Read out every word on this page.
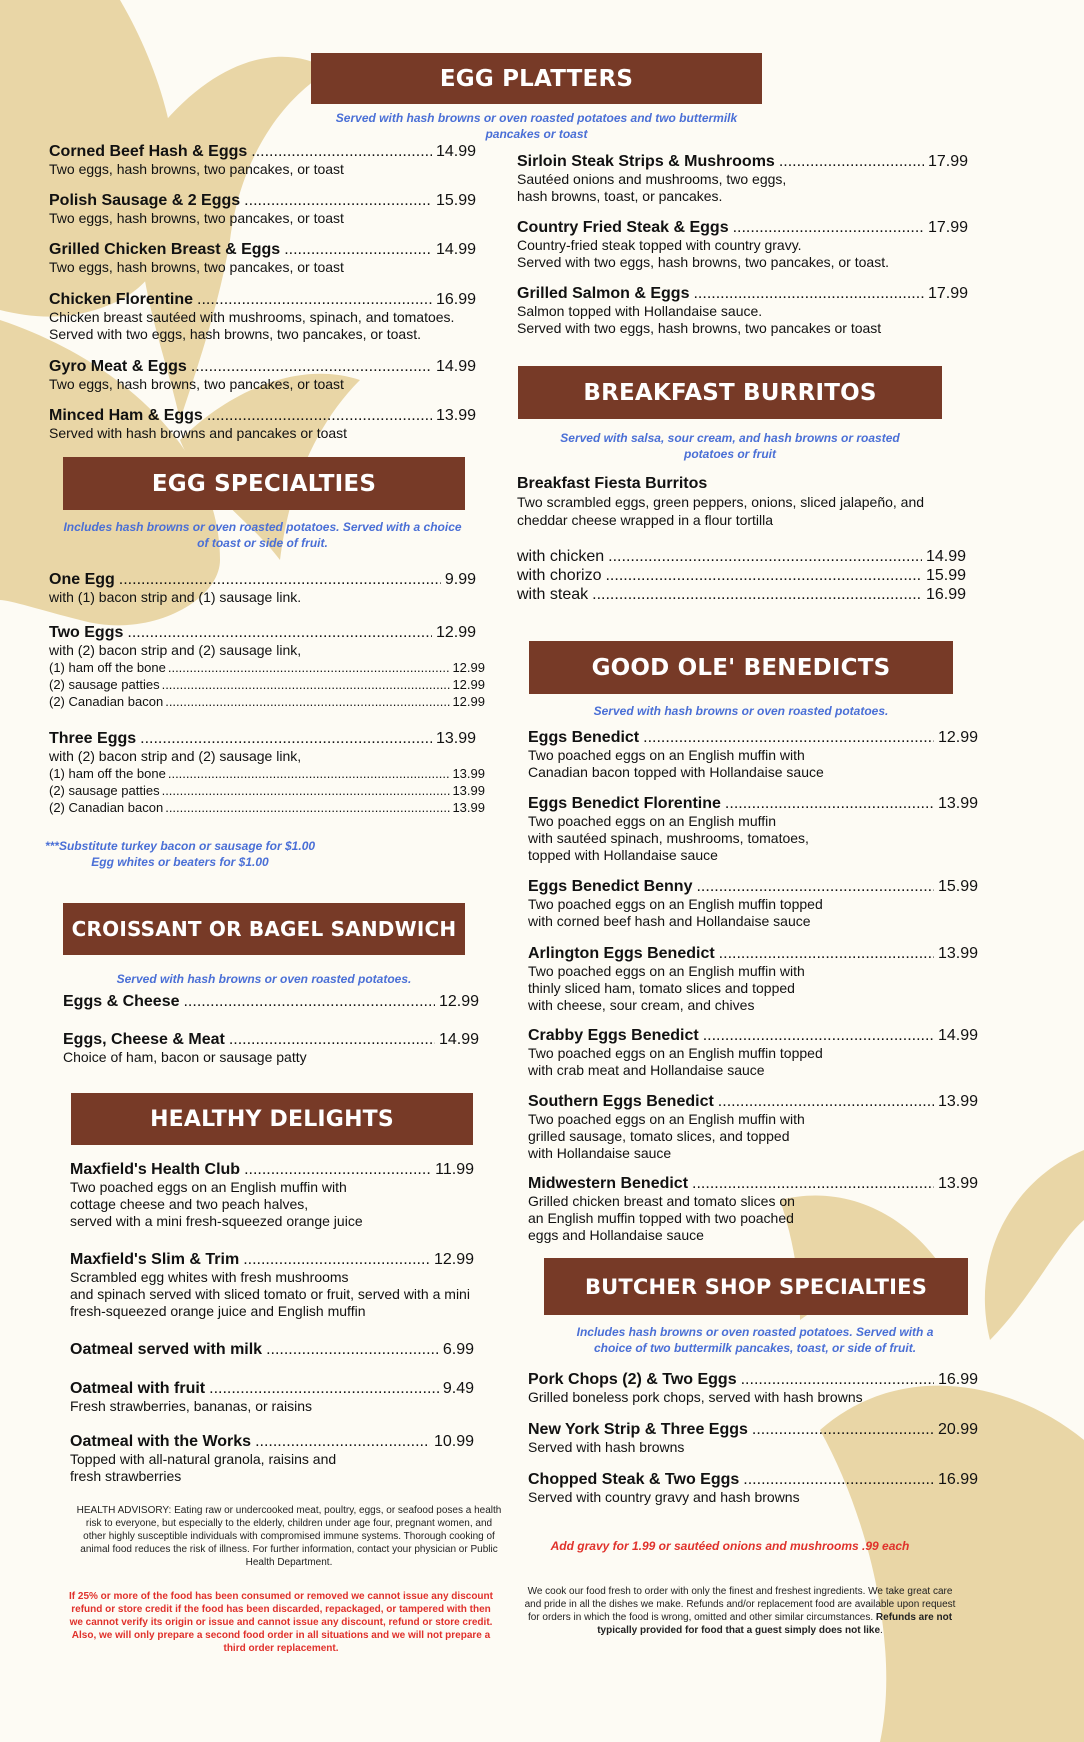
EGG PLATTERS
Served with hash browns or oven roasted potatoes and two buttermilk pancakes or toast
Corned Beef Hash & Eggs .....	14.99
Two eggs, hash browns, two pancakes, or toast
Polish Sausage & 2 Eggs .....	15.99
Two eggs, hash browns, two pancakes, or toast
Grilled Chicken Breast & Eggs .....	14.99
Two eggs, hash browns, two pancakes, or toast
Chicken Florentine .....	16.99
Chicken breast sautéed with mushrooms, spinach, and tomatoes.
Served with two eggs, hash browns, two pancakes, or toast.
Gyro Meat & Eggs .....	14.99
Two eggs, hash browns, two pancakes, or toast
Minced Ham & Eggs .....	13.99
Served with hash browns and pancakes or toast
Sirloin Steak Strips & Mushrooms .....	17.99
Sautéed onions and mushrooms, two eggs,
hash browns, toast, or pancakes.
Country Fried Steak & Eggs .....	17.99
Country-fried steak topped with country gravy.
Served with two eggs, hash browns, two pancakes, or toast.
Grilled Salmon & Eggs .....	17.99
Salmon topped with Hollandaise sauce.
Served with two eggs, hash browns, two pancakes or toast
EGG SPECIALTIES
Includes hash browns or oven roasted potatoes. Served with a choice of toast or side of fruit.
One Egg .....	9.99
with (1) bacon strip and (1) sausage link.
Two Eggs .....	12.99
with (2) bacon strip and (2) sausage link,
(1) ham off the bone .....	12.99
(2) sausage patties .....	12.99
(2) Canadian bacon .....	12.99
Three Eggs .....	13.99
with (2) bacon strip and (2) sausage link,
(1) ham off the bone .....	13.99
(2) sausage patties .....	13.99
(2) Canadian bacon .....	13.99
***Substitute turkey bacon or sausage for $1.00
Egg whites or beaters for $1.00
CROISSANT OR BAGEL SANDWICH
Served with hash browns or oven roasted potatoes.
Eggs & Cheese .....	12.99
Eggs, Cheese & Meat .....	14.99
Choice of ham, bacon or sausage patty
HEALTHY DELIGHTS
Maxfield's Health Club .....	11.99
Two poached eggs on an English muffin with
cottage cheese and two peach halves,
served with a mini fresh-squeezed orange juice
Maxfield's Slim & Trim .....	12.99
Scrambled egg whites with fresh mushrooms
and spinach served with sliced tomato or fruit, served with a mini
fresh-squeezed orange juice and English muffin
Oatmeal served with milk .....	6.99
Oatmeal with fruit .....	9.49
Fresh strawberries, bananas, or raisins
Oatmeal with the Works .....	10.99
Topped with all-natural granola, raisins and
fresh strawberries
HEALTH ADVISORY: Eating raw or undercooked meat, poultry, eggs, or seafood poses a health risk to everyone, but especially to the elderly, children under age four, pregnant women, and other highly susceptible individuals with compromised immune systems. Thorough cooking of animal food reduces the risk of illness. For further information, contact your physician or Public Health Department.
If 25% or more of the food has been consumed or removed we cannot issue any discount refund or store credit if the food has been discarded, repackaged, or tampered with then we cannot verify its origin or issue and cannot issue any discount, refund or store credit. Also, we will only prepare a second food order in all situations and we will not prepare a third order replacement.
BREAKFAST BURRITOS
Served with salsa, sour cream, and hash browns or roasted potatoes or fruit
Breakfast Fiesta Burritos
Two scrambled eggs, green peppers, onions, sliced jalapeño, and cheddar cheese wrapped in a flour tortilla
with chicken .....	14.99
with chorizo .....	15.99
with steak .....	16.99
GOOD OLE' BENEDICTS
Served with hash browns or oven roasted potatoes.
Eggs Benedict .....	12.99
Two poached eggs on an English muffin with
Canadian bacon topped with Hollandaise sauce
Eggs Benedict Florentine .....	13.99
Two poached eggs on an English muffin
with sautéed spinach, mushrooms, tomatoes,
topped with Hollandaise sauce
Eggs Benedict Benny .....	15.99
Two poached eggs on an English muffin topped
with corned beef hash and Hollandaise sauce
Arlington Eggs Benedict .....	13.99
Two poached eggs on an English muffin with
thinly sliced ham, tomato slices and topped
with cheese, sour cream, and chives
Crabby Eggs Benedict .....	14.99
Two poached eggs on an English muffin topped
with crab meat and Hollandaise sauce
Southern Eggs Benedict .....	13.99
Two poached eggs on an English muffin with
grilled sausage, tomato slices, and topped
with Hollandaise sauce
Midwestern Benedict .....	13.99
Grilled chicken breast and tomato slices on
an English muffin topped with two poached
eggs and Hollandaise sauce
BUTCHER SHOP SPECIALTIES
Includes hash browns or oven roasted potatoes. Served with a choice of two buttermilk pancakes, toast, or side of fruit.
Pork Chops (2) & Two Eggs .....	16.99
Grilled boneless pork chops, served with hash browns
New York Strip & Three Eggs .....	20.99
Served with hash browns
Chopped Steak & Two Eggs .....	16.99
Served with country gravy and hash browns
Add gravy for 1.99 or sautéed onions and mushrooms .99 each
We cook our food fresh to order with only the finest and freshest ingredients. We take great care and pride in all the dishes we make. Refunds and/or replacement food are available upon request for orders in which the food is wrong, omitted and other similar circumstances. Refunds are not typically provided for food that a guest simply does not like.
